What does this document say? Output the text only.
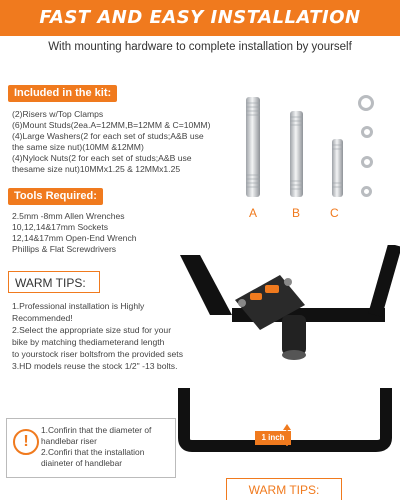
FAST AND EASY INSTALLATION
With mounting hardware to complete installation by yourself
Included in the kit:
(2)Risers w/Top Clamps
(6)Mount Studs(2ea.A=12MM,B=12MM & C=10MM)
(4)Large Washers(2 for each set of studs;A&B use
the same size nut)(10MM &12MM)
(4)Nylock Nuts(2 for each set of studs;A&B use
thesame size nut)10MMx1.25 & 12MMx1.25
Tools Required:
2.5mm -8mm Allen Wrenches
10,12,14&17mm Sockets
12,14&17mm Open-End Wrench
Phillips & Flat Screwdrivers
WARM TIPS:
1.Professional installation is Highly
Recommended!
2.Select the appropriate size stud for your
bike by matching thediameterand length
to yourstock riser boltsfrom the provided sets
3.HD models reuse the stock 1/2" -13 bolts.
A	B C
!
1.Confirin that the diameter of
handlebar riser
2.Confiri that the installation
diaineter of handlebar
1 inch
WARM TIPS:
